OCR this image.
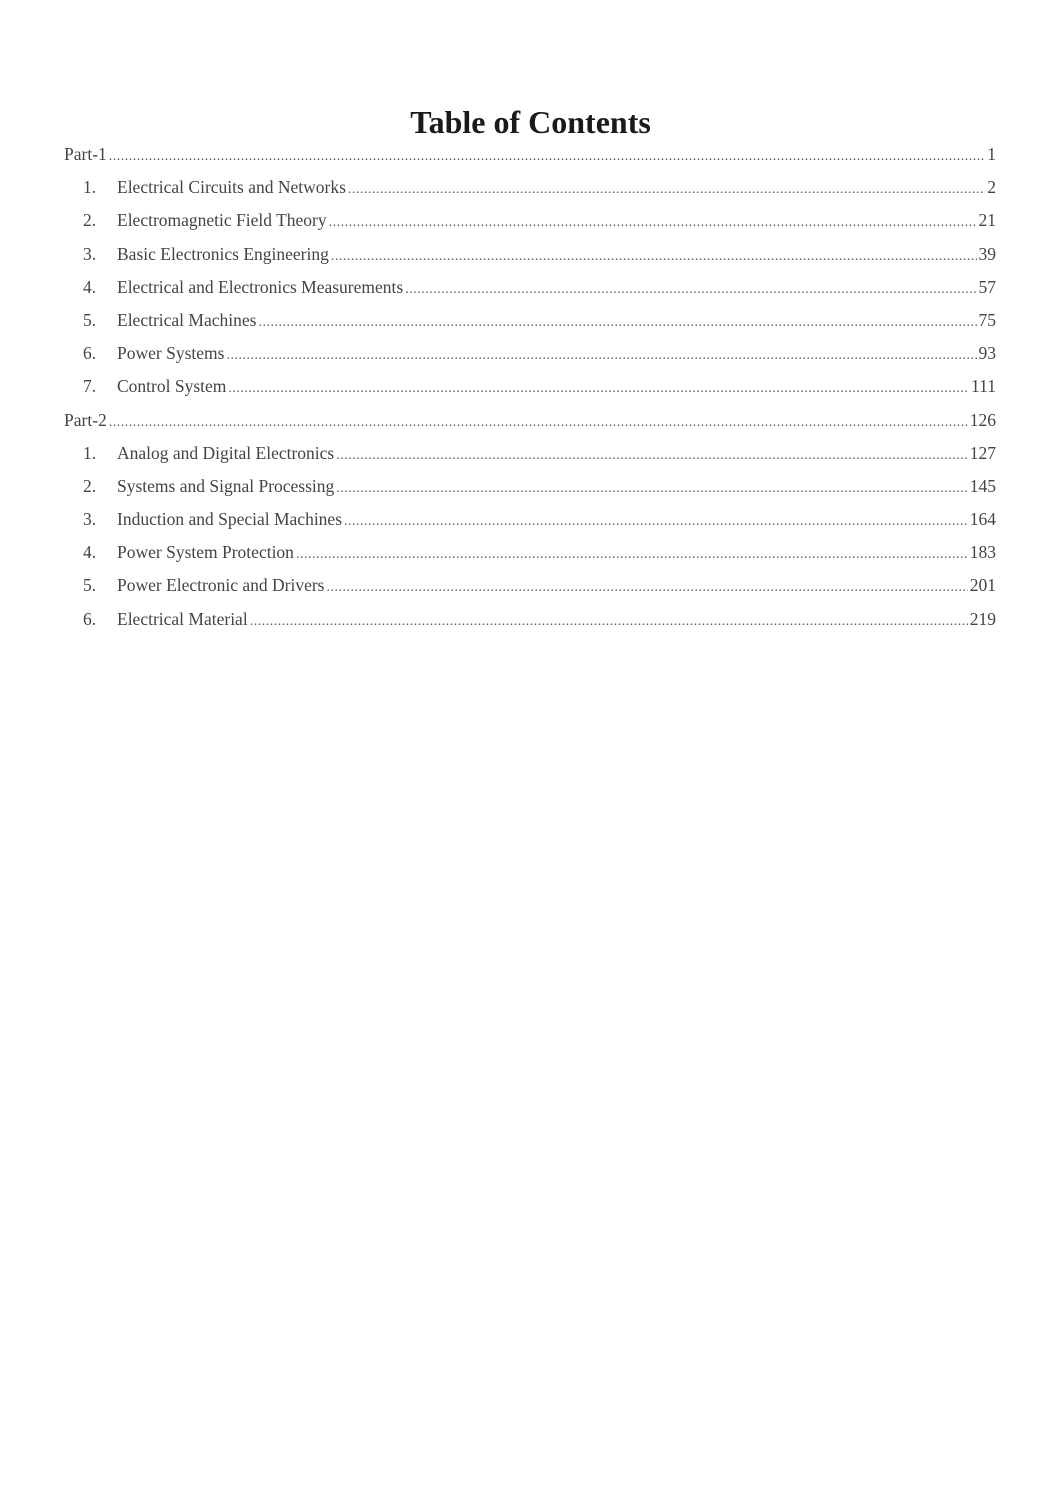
Table of Contents
Part-1 .....	1
1.	Electrical Circuits and Networks .....	2
2.	Electromagnetic Field Theory .....	21
3.	Basic Electronics Engineering .....	39
4.	Electrical and Electronics Measurements .....	57
5.	Electrical Machines .....	75
6.	Power Systems .....	93
7.	Control System .....	111
Part-2 .....	126
1.	Analog and Digital Electronics .....	127
2.	Systems and Signal Processing .....	145
3.	Induction and Special Machines .....	164
4.	Power System Protection .....	183
5.	Power Electronic and Drivers .....	201
6.	Electrical Material .....	219
